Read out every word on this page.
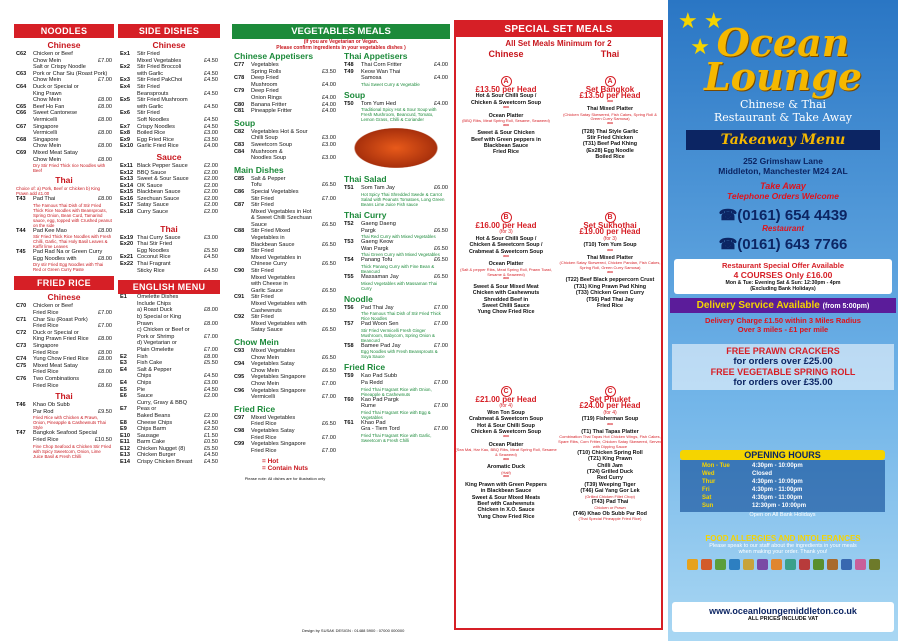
NOODLES
Chinese
C62	Chicken or Beef
Chow Mein	£7.00
Salt or Crispy Noodle
C63	Pork or Char Siu (Roast Pork)
Chow Mein	£7.00
C64	Duck or Special or
King Prawn
Chow Mein	£8.00
C65	Beef Ho Fan	£8.00
C66	Sweet Cantonese
Vermicelli	£8.00
C67	Singapore
Vermicelli	£8.00
C68	Singapore
Chow Mein	£8.00
C69	Mixed Meat Satay
Chow Mein	£8.00
Dry Stir Fried Thick rice Noodles with Beef
Thai
Choice of: a) Pork, Beef or Chicken b) King Prawn add £1.00
T43	Pad Thai	£8.00
The Famous Thai Dish of Stir Fried Thick Rice Noodles with Beansprouts, Spring Onion, Bean Curd, Tamarind sauce, egg, topped with Crushed peanut on the side
T44	Pad Kee Mao	£8.00
Stir Fried Thick Rice Noodles with Fresh Chilli, Garlic, Thai Holy Basil Leaves & Kaffir lime Leaves
T45	Pad Rad Na or Green Curry
Egg Noodles with	£8.00
Dry stir Fried Egg Noodles with Thai Red or Green Curry Paste
FRIED RICE
Chinese
C70	Chicken or Beef
Fried Rice	£7.00
C71	Char Siu (Roast Pork)
Fried Rice	£7.00
C72	Duck or Special or
King Prawn Fried Rice	£8.00
C73	Singapore
Fried Rice	£8.00
C74	Yung Chow Fried Rice	£8.00
C75	Mixed Meat Satay
Fried Rice	£8.00
C76	Two Combinations
Fried Rice	£8.60
Thai
T46	Khao Ob Subb
Par Rod	£9.50
Fried Rice with Chicken & Prawn, Onion, Pineapple & Cashewnuts Thai Style
T47	Bangkok Seafood Special
Fried Rice	£10.50
Fine Chop Seafood & Chicken Stir Fried with Spicy Sweetcorn, Onion, Lime Juice Basil & Fresh Chilli
SIDE DISHES
Chinese
Ex1	Stir Fried
Mixed Vegetables	£4.50
Ex2	Stir Fried Broccoli
with Garlic	£4.50
Ex3	Stir Fried PakChoi	£4.50
Ex4	Stir Fried
Beansprouts	£4.50
Ex5	Stir Fried Mushroom
with Garlic	£4.50
Ex6	Stir Fried
Soft Noodles	£4.50
Ex7	Crispy Noodles	£4.50
Ex8	Boiled Rice	£3.00
Ex9	Egg Fried Rice	£3.50
Ex10 Garlic Fried Rice	£4.00
Sauce
Ex11 Black Pepper Sauce	£2.00
Ex12 BBQ Sauce	£2.00
Ex13 Sweet & Sour Sauce	£2.00
Ex14 OK Sauce	£2.00
Ex15 Blackbean Sauce	£2.00
Ex16 Szechuan Sauce	£2.00
Ex17 Satay Sauce	£2.00
Ex18 Curry Sauce	£2.00
Thai
Ex19 Thai Curry Sauce	£3.00
Ex20 Thai Stir Fried
Egg Noodles	£5.50
Ex21 Coconut Rice	£4.50
Ex22 Thai Fragrant
Sticky Rice	£4.50
ENGLISH MENU
E1	Omelette Dishes
Include Chips
a) Roast Duck	£8.00
b) Special or King
Prawn	£8.00
c) Chicken or Beef or
Pork or Shrimp	£7.00
d) Vegetarian or
Plain Omelette	£7.00
E2	Fish	£8.00
E3	Fish Cake	£5.50
E4	Salt & Pepper
Chips	£4.50
E4	Chips	£3.00
E5	Pie	£4.50
E6	Sauce	£2.00
Curry, Gravy & BBQ
E7	Peas or
Baked Beans	£2.00
E8	Cheese Chips	£4.50
E9	Chips Barm	£2.50
E10	Sausage	£1.50
E11	Barm Cake	£0.50
E12	Chicken Nugget (8)	£5.50
E13	Chicken Burger	£4.50
E14	Crispy Chicken Breast	£4.50
VEGETABLES MEALS
(If you are Vegetarian or Vegan.
Please confirm ingredients in your vegetables dishes )
Chinese Appetisers
C77	Vegetables
Spring Rolls	£3.50
C78	Deep Fried
Mushroom	£4.00
C79	Deep Fried
Onion Rings	£4.00
C80	Banana Fritter	£4.00
C81	Pineapple Fritter	£4.00
Soup
C82	Vegetables Hot & Sour
Chilli Soup	£3.00
C83	Sweetcorn Soup	£3.00
C84	Mushroom &
Noodles Soup	£3.00
Main Dishes
C85	Salt & Pepper
Tofu	£6.50
C86	Special Vegetables
Stir Fried	£7.00
C87	Stir Fried
Mixed Vegetables in Hot
& Sweet Chilli Szechuan
Sauce	£6.50
C88	Stir Fried Mixed
Vegetables in
Blackbean Sauce	£6.50
C89	Stir Fried
Mixed Vegetables in
Chinese Curry	£6.50
C90	Stir Fried
Mixed Vegetables
with Cheese in
Garlic Sauce	£6.50
C91	Stir Fried
Mixed Vegetables with
Cashewnuts	£6.50
C92	Stir Fried
Mixed Vegetables with
Satay Sauce	£6.50
Chow Mein
C93	Mixed Vegetables
Chow Mein	£6.50
C94	Vegetables Satay
Chow Mein	£6.50
C95	Vegetables Singapore
Chow Mein	£7.00
C96	Vegetables Singapore
Vermicelli	£7.00
Fried Rice
C97	Mixed Vegetables
Fried Rice	£6.50
C98	Vegetables Satay
Fried Rice	£7.00
C99	Vegetables Singapore
Fried Rice	£7.00
= Hot
= Contain Nuts
Please note: All dishes are for illustration only
Thai Appetisers
T48	Thai Corn Fritter	£4.00
T49	Keow Wan Thai
Samosa	£4.00
Thai Sweet Curry & Vegetable
Soup
T50	Tom Yum Hed	£4.00
Traditional Spicy Hot & Sour Soup with Fresh Mushroom, Beancurd, Tomato, Lemon Grass, Chilli & Coriander
Thai Salad
T51	Som Tam Jay	£6.00
Hot Spicy Thai Shredded Swede & Carrot Salad with Peanuts Tomatoes, Long Green Beans Lime Juice Fish sauce
Thai Curry
T52	Gaeng Daeng
Pargk	£6.50
Thai Red Curry with Mixed Vegetables
T53	Gaeng Keow
Wan Pargk	£6.50
Thai Green Curry with Mixed Vegetables
T54	Panang Tofu	£6.50
Thick Panang Curry with Fine Bean & Beancurd
T55	Massaman Jay	£6.50
Mixed Vegetables with Massaman Thai Curry
Noodle
T56	Pad Thai Jay	£7.00
The Famous Thai Dish of Stir Fried Thick Rice Noodles
T57	Pad Woon Sen	£7.00
Stir Fried Vermicelli Fresh Ginger Mushroom, Babycorn, Spring Onion & Beancurd
T58	Bamee Pad Jay	£7.00
Egg Noodles with Fresh Beansprouts & Soya Sauce
Fried Rice
T59	Kao Pad Subb
Pa Redd	£7.00
Fried Thai Fragrant Rice with Onion, Pineapple & Cashewnuts
T60	Kao Pad Pargk
Rume	£7.00
Fried Thai Fragrant Rice with Egg & Vegetables
T61	Khao Pad
Gra - Tiem Tord	£7.00
Fried Thai Fragrant Rice with Garlic, Sweetcorn & Fresh Chilli
Design by SUSAK DESIGN : 01488 5900 : 07000 000000
SPECIAL SET MEALS
All Set Meals Minimum for 2
Chinese	Thai
A
£13.50 per Head
Hot & Sour Chilli Soup /
Chicken & Sweetcorn Soup
***
Ocean Platter
(BBQ Ribs, Meat Spring Roll, Sesame, Seaweed)
***
Sweet & Sour Chicken
Beef with Green peppers in
Blackbean Sauce
Fried Rice
A
Set Bangkok
£13.50 per Head
***
Thai Mixed Platter
(Chicken Satay Skewered, Fish Cakes, Spring Roll & Green Curry Samosa)
***
(T28) Thai Style Garlic
Stir Fried Chicken
(T31) Beef Pad Khing
(Ex28) Egg Noodle
Boiled Rice
B
£16.00 per Head
(for 3)
Hot & Sour Chilli Soup /
Chicken & Sweetcorn Soup /
Crabmeat & Sweetcorn Soup
***
Ocean Platter
(Salt & pepper Ribs, Meat Spring Roll, Prawn Toast, Sesame & Seaweed)
***
Sweet & Sour Mixed Meat
Chicken with Cashewnuts
Shredded Beef in
Sweet Chilli Sauce
Yung Chow Fried Rice
B
Set Sukhothai
£19.00 per Head
(for 3)
(T10) Tom Yum Soup
***
Thai Mixed Platter
(Chicken Satay Skewered, Chicken Pandan, Fish Cakes, Spring Roll, Green Curry Samosa)
***
(T22) Beef Black peppercorn Crust
(T31) King Prawn Pad Khing
(T33) Chicken Green Curry
(T56) Pad Thai Jay
Fried Rice
C
£21.00 per Head
(for 4)
Won Ton Soup
Crabmeat & Sweetcorn Soup
Hot & Sour Chilli Soup
Chicken & Sweetcorn Soup
***
Ocean Platter
(Sea Mai, Har Kau, BBQ Ribs, Meat Spring Roll, Sesame & Seaweed)
***
Aromatic Duck
(Half)
***
King Prawn with Green Peppers
in Blackbean Sauce
Sweet & Sour Mixed Meats
Beef with Cashewnuts
Chicken in X.O. Sauce
Yung Chow Fried Rice
C
Set Phuket
£24.00 per Head
(for 4)
(T19) Fisherman Soup
***
(T1) Thai Tapas Platter
Combination Thai Tapas Hot Chicken Wings, Fish Cakes, Spare Ribs, Corn Fritter, Chicken Satay Skewered, Served with Dipping Sauce
(T10) Chicken Spring Roll
(T21) King Prawn
Chilli Jam
(T24) Grilled Duck
Red Curry
(T39) Weeping Tiger
(T46) Gai Yang Gor Lek
(Grilled Chicken Fillet Chop)
(T43) Pad Thai
Chicken or Prawn
(T46) Khao Ob Subb Par Rod
(Thai Special Pineapple Fried Rice)
★ ★
★ Ocean
Lounge
Chinese & Thai
Restaurant & Take Away
Takeaway Menu
252 Grimshaw Lane
Middleton, Manchester M24 2AL
Take Away
Telephone Orders Welcome
☎(0161) 654 4439
Restaurant
☎(0161) 643 7766
Restaurant Special Offer Available
4 COURSES Only £16.00
Mon & Tue: Evening Sat & Sun: 12:30pm - 4pm
(Excluding Bank Holidays)
Delivery Service Available (from 5:00pm)
Delivery Charge £1.50 within 3 Miles Radius
Over 3 miles - £1 per mile
FREE PRAWN CRACKERS
for orders over £25.00
FREE VEGETABLE SPRING ROLL
for orders over £35.00
OPENING HOURS
Mon - Tue	4:30pm - 10:00pm
Wed	Closed
Thur	4:30pm - 10:00pm
Fri	4:30pm - 11:00pm
Sat	4:30pm - 11:00pm
Sun	12:30pm - 10:00pm
Open on All Bank Holidays
FOOD ALLERGIES AND INTOLERANCES
Please speak to our staff about the ingredients in your meals
when making your order. Thank you!
www.oceanloungemiddleton.co.uk
ALL PRICES INCLUDE VAT
